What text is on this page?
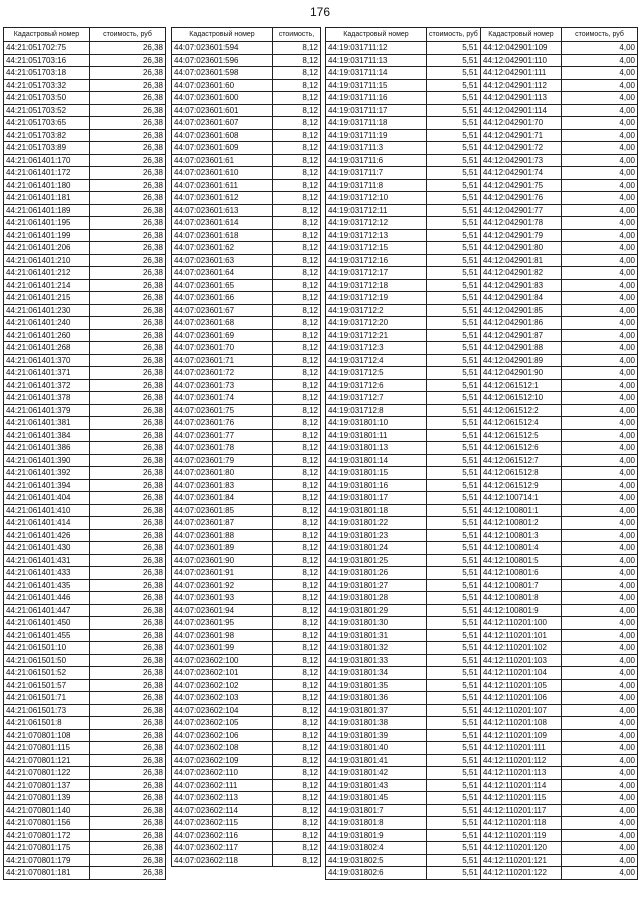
176
Кадастровый номер	стоимость, руб
44:21:051702:75	26,38
44:21:051703:16	26,38
44:21:051703:18	26,38
44:21:051703:32	26,38
44:21:051703:50	26,38
44:21:051703:52	26,38
44:21:051703:65	26,38
44:21:051703:82	26,38
44:21:051703:89	26,38
44:21:061401:170	26,38
44:21:061401:172	26,38
44:21:061401:180	26,38
44:21:061401:181	26,38
44:21:061401:189	26,38
44:21:061401:195	26,38
44:21:061401:199	26,38
44:21:061401:206	26,38
44:21:061401:210	26,38
44:21:061401:212	26,38
44:21:061401:214	26,38
44:21:061401:215	26,38
44:21:061401:230	26,38
44:21:061401:240	26,38
44:21:061401:260	26,38
44:21:061401:268	26,38
44:21:061401:370	26,38
44:21:061401:371	26,38
44:21:061401:372	26,38
44:21:061401:378	26,38
44:21:061401:379	26,38
44:21:061401:381	26,38
44:21:061401:384	26,38
44:21:061401:386	26,38
44:21:061401:390	26,38
44:21:061401:392	26,38
44:21:061401:394	26,38
44:21:061401:404	26,38
44:21:061401:410	26,38
44:21:061401:414	26,38
44:21:061401:426	26,38
44:21:061401:430	26,38
44:21:061401:431	26,38
44:21:061401:433	26,38
44:21:061401:435	26,38
44:21:061401:446	26,38
44:21:061401:447	26,38
44:21:061401:450	26,38
44:21:061401:455	26,38
44:21:061501:10	26,38
44:21:061501:50	26,38
44:21:061501:52	26,38
44:21:061501:57	26,38
44:21:061501:71	26,38
44:21:061501:73	26,38
44:21:061501:8	26,38
44:21:070801:108	26,38
44:21:070801:115	26,38
44:21:070801:121	26,38
44:21:070801:122	26,38
44:21:070801:137	26,38
44:21:070801:139	26,38
44:21:070801:140	26,38
44:21:070801:156	26,38
44:21:070801:172	26,38
44:21:070801:175	26,38
44:21:070801:179	26,38
44:21:070801:181	26,38
Кадастровый номер	стоимость,
44:07:023601:594	8,12
44:07:023601:596	8,12
44:07:023601:598	8,12
44:07:023601:60	8,12
44:07:023601:600	8,12
44:07:023601:601	8,12
44:07:023601:607	8,12
44:07:023601:608	8,12
44:07:023601:609	8,12
44:07:023601:61	8,12
44:07:023601:610	8,12
44:07:023601:611	8,12
44:07:023601:612	8,12
44:07:023601:613	8,12
44:07:023601:614	8,12
44:07:023601:618	8,12
44:07:023601:62	8,12
44:07:023601:63	8,12
44:07:023601:64	8,12
44:07:023601:65	8,12
44:07:023601:66	8,12
44:07:023601:67	8,12
44:07:023601:68	8,12
44:07:023601:69	8,12
44:07:023601:70	8,12
44:07:023601:71	8,12
44:07:023601:72	8,12
44:07:023601:73	8,12
44:07:023601:74	8,12
44:07:023601:75	8,12
44:07:023601:76	8,12
44:07:023601:77	8,12
44:07:023601:78	8,12
44:07:023601:79	8,12
44:07:023601:80	8,12
44:07:023601:83	8,12
44:07:023601:84	8,12
44:07:023601:85	8,12
44:07:023601:87	8,12
44:07:023601:88	8,12
44:07:023601:89	8,12
44:07:023601:90	8,12
44:07:023601:91	8,12
44:07:023601:92	8,12
44:07:023601:93	8,12
44:07:023601:94	8,12
44:07:023601:95	8,12
44:07:023601:98	8,12
44:07:023601:99	8,12
44:07:023602:100	8,12
44:07:023602:101	8,12
44:07:023602:102	8,12
44:07:023602:103	8,12
44:07:023602:104	8,12
44:07:023602:105	8,12
44:07:023602:106	8,12
44:07:023602:108	8,12
44:07:023602:109	8,12
44:07:023602:110	8,12
44:07:023602:111	8,12
44:07:023602:113	8,12
44:07:023602:114	8,12
44:07:023602:115	8,12
44:07:023602:116	8,12
44:07:023602:117	8,12
44:07:023602:118	8,12
Кадастровый номер	стоимость, руб
44:19:031711:12	5,51
44:19:031711:13	5,51
44:19:031711:14	5,51
44:19:031711:15	5,51
44:19:031711:16	5,51
44:19:031711:17	5,51
44:19:031711:18	5,51
44:19:031711:19	5,51
44:19:031711:3	5,51
44:19:031711:6	5,51
44:19:031711:7	5,51
44:19:031711:8	5,51
44:19:031712:10	5,51
44:19:031712:11	5,51
44:19:031712:12	5,51
44:19:031712:13	5,51
44:19:031712:15	5,51
44:19:031712:16	5,51
44:19:031712:17	5,51
44:19:031712:18	5,51
44:19:031712:19	5,51
44:19:031712:2	5,51
44:19:031712:20	5,51
44:19:031712:21	5,51
44:19:031712:3	5,51
44:19:031712:4	5,51
44:19:031712:5	5,51
44:19:031712:6	5,51
44:19:031712:7	5,51
44:19:031712:8	5,51
44:19:031801:10	5,51
44:19:031801:11	5,51
44:19:031801:13	5,51
44:19:031801:14	5,51
44:19:031801:15	5,51
44:19:031801:16	5,51
44:19:031801:17	5,51
44:19:031801:18	5,51
44:19:031801:22	5,51
44:19:031801:23	5,51
44:19:031801:24	5,51
44:19:031801:25	5,51
44:19:031801:26	5,51
44:19:031801:27	5,51
44:19:031801:28	5,51
44:19:031801:29	5,51
44:19:031801:30	5,51
44:19:031801:31	5,51
44:19:031801:32	5,51
44:19:031801:33	5,51
44:19:031801:34	5,51
44:19:031801:35	5,51
44:19:031801:36	5,51
44:19:031801:37	5,51
44:19:031801:38	5,51
44:19:031801:39	5,51
44:19:031801:40	5,51
44:19:031801:41	5,51
44:19:031801:42	5,51
44:19:031801:43	5,51
44:19:031801:45	5,51
44:19:031801:7	5,51
44:19:031801:8	5,51
44:19:031801:9	5,51
44:19:031802:4	5,51
44:19:031802:5	5,51
44:19:031802:6	5,51
Кадастровый номер	стоимость, руб
44:12:042901:109	4,00
44:12:042901:110	4,00
44:12:042901:111	4,00
44:12:042901:112	4,00
44:12:042901:113	4,00
44:12:042901:114	4,00
44:12:042901:70	4,00
44:12:042901:71	4,00
44:12:042901:72	4,00
44:12:042901:73	4,00
44:12:042901:74	4,00
44:12:042901:75	4,00
44:12:042901:76	4,00
44:12:042901:77	4,00
44:12:042901:78	4,00
44:12:042901:79	4,00
44:12:042901:80	4,00
44:12:042901:81	4,00
44:12:042901:82	4,00
44:12:042901:83	4,00
44:12:042901:84	4,00
44:12:042901:85	4,00
44:12:042901:86	4,00
44:12:042901:87	4,00
44:12:042901:88	4,00
44:12:042901:89	4,00
44:12:042901:90	4,00
44:12:061512:1	4,00
44:12:061512:10	4,00
44:12:061512:2	4,00
44:12:061512:4	4,00
44:12:061512:5	4,00
44:12:061512:6	4,00
44:12:061512:7	4,00
44:12:061512:8	4,00
44:12:061512:9	4,00
44:12:100714:1	4,00
44:12:100801:1	4,00
44:12:100801:2	4,00
44:12:100801:3	4,00
44:12:100801:4	4,00
44:12:100801:5	4,00
44:12:100801:6	4,00
44:12:100801:7	4,00
44:12:100801:8	4,00
44:12:100801:9	4,00
44:12:110201:100	4,00
44:12:110201:101	4,00
44:12:110201:102	4,00
44:12:110201:103	4,00
44:12:110201:104	4,00
44:12:110201:105	4,00
44:12:110201:106	4,00
44:12:110201:107	4,00
44:12:110201:108	4,00
44:12:110201:109	4,00
44:12:110201:111	4,00
44:12:110201:112	4,00
44:12:110201:113	4,00
44:12:110201:114	4,00
44:12:110201:115	4,00
44:12:110201:117	4,00
44:12:110201:118	4,00
44:12:110201:119	4,00
44:12:110201:120	4,00
44:12:110201:121	4,00
44:12:110201:122	4,00
